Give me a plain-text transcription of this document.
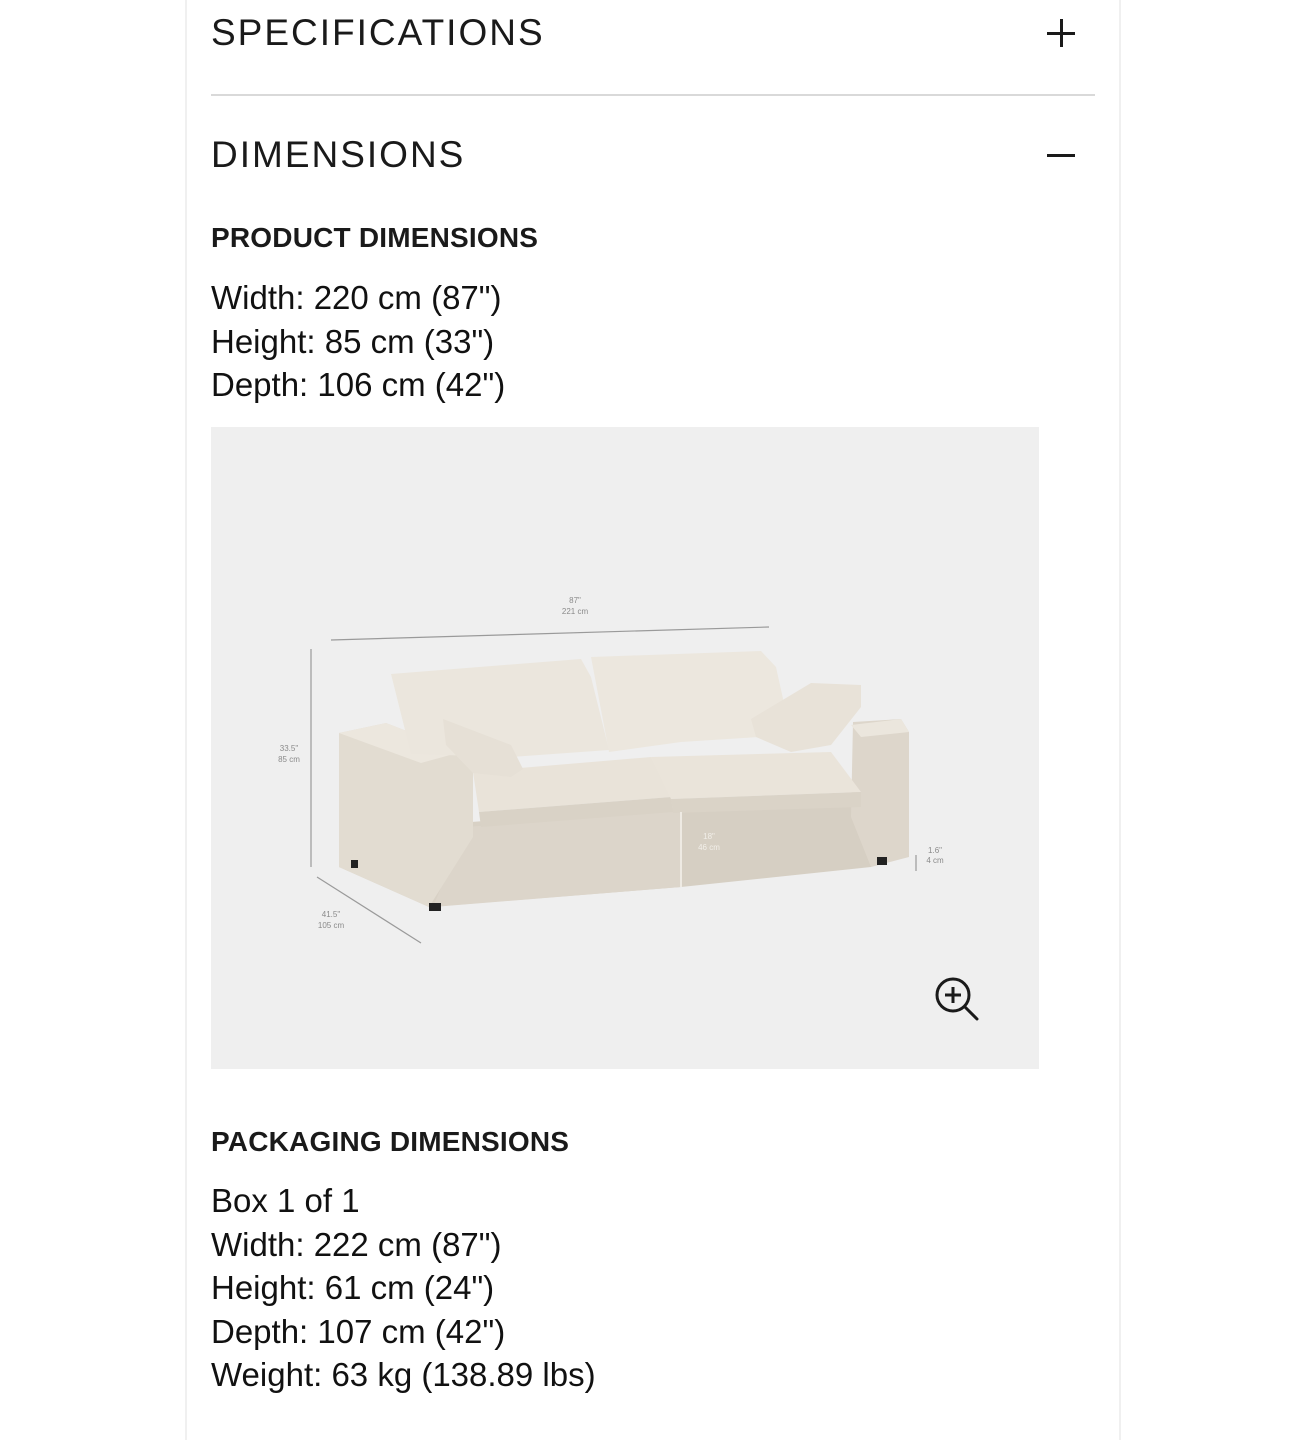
SPECIFICATIONS
DIMENSIONS
PRODUCT DIMENSIONS
Width: 220 cm (87")
Height: 85 cm (33")
Depth: 106 cm (42")
87"
221 cm
33.5"
85 cm
41.5"
105 cm
1.6"
4 cm
18"
46 cm
PACKAGING DIMENSIONS
Box 1 of 1
Width: 222 cm (87")
Height: 61 cm (24")
Depth: 107 cm (42")
Weight: 63 kg (138.89 lbs)
